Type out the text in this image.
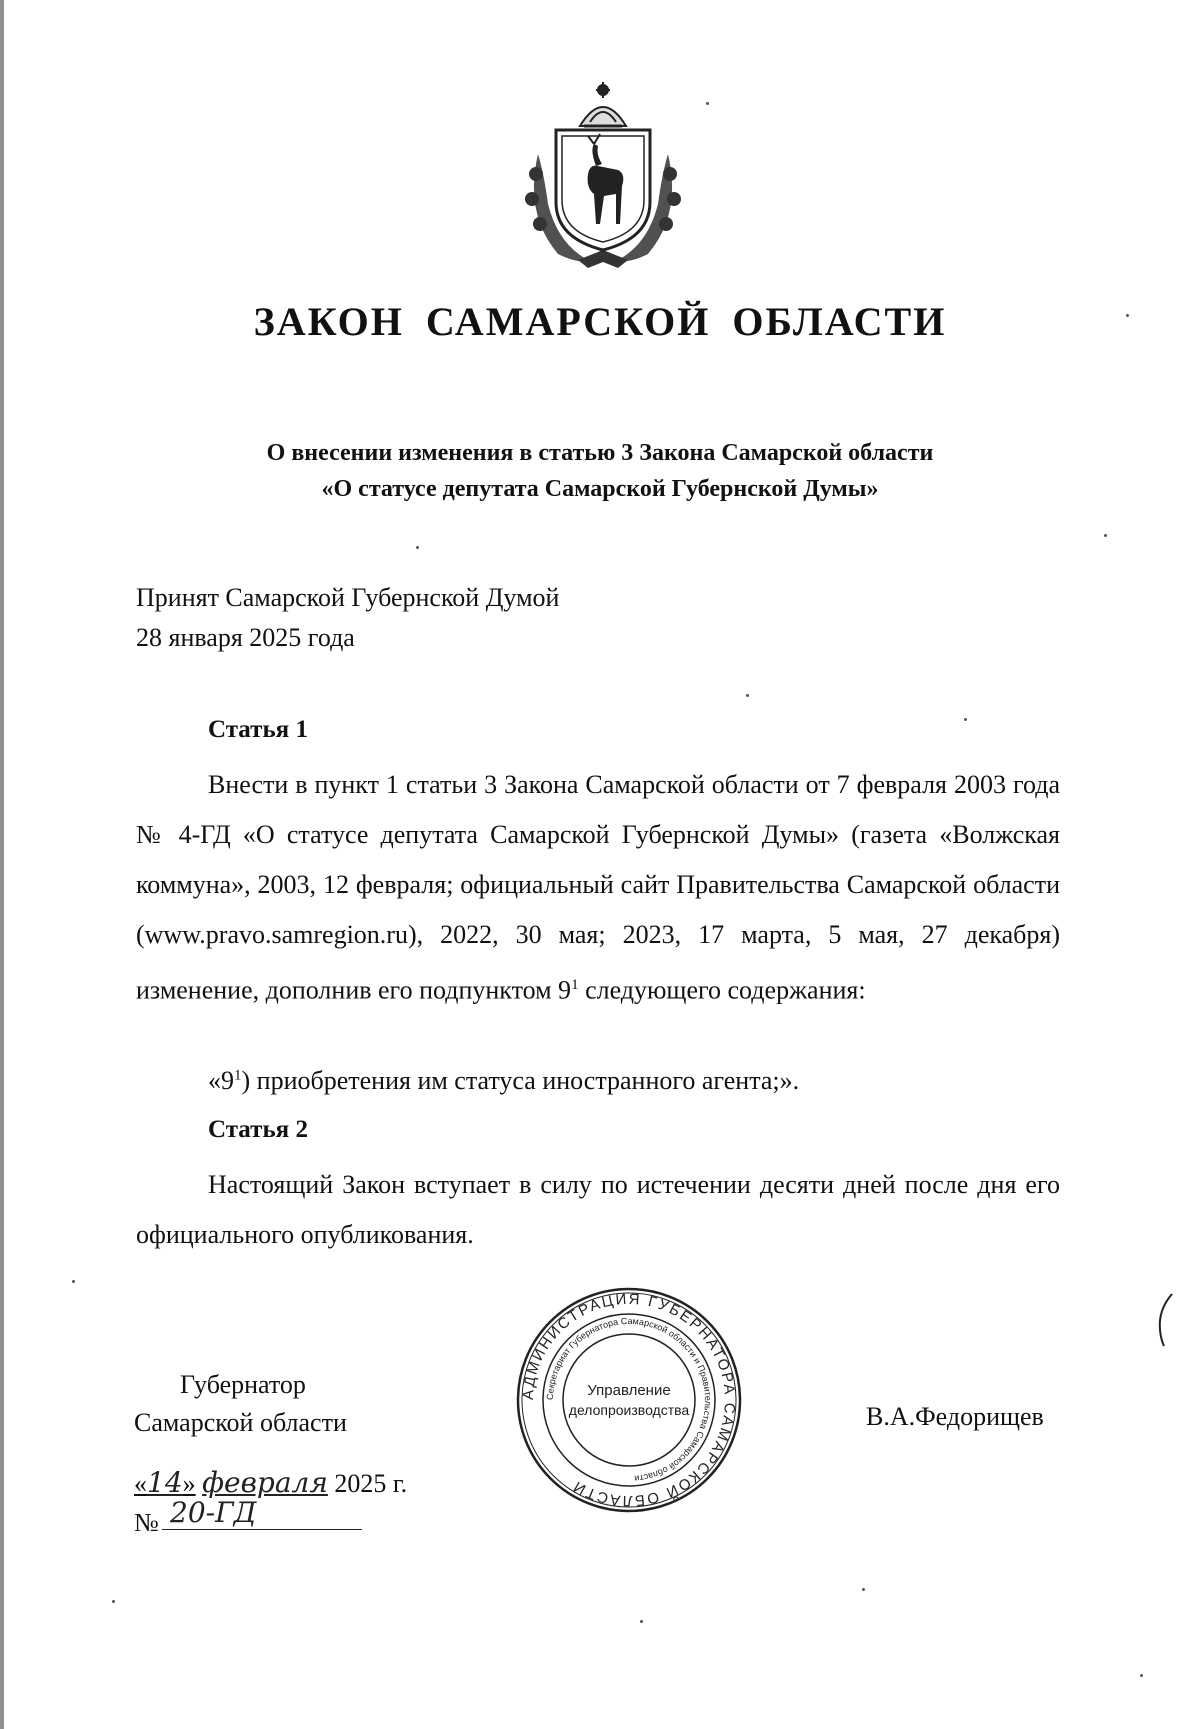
ЗАКОН САМАРСКОЙ ОБЛАСТИ
О внесении изменения в статью 3 Закона Самарской области
«О статусе депутата Самарской Губернской Думы»
Принят Самарской Губернской Думой
28 января 2025 года
Статья 1
Внести в пункт 1 статьи 3 Закона Самарской области от 7 февраля 2003 года № 4-ГД «О статусе депутата Самарской Губернской Думы» (газета «Волжская коммуна», 2003, 12 февраля; официальный сайт Правительства Самарской области (www.pravo.samregion.ru), 2022, 30 мая; 2023, 17 марта, 5 мая, 27 декабря) изменение, дополнив его подпунктом $9^1$ следующего содержания:
«$9^1$) приобретения им статуса иностранного агента;».
Статья 2
Настоящий Закон вступает в силу по истечении десяти дней после дня его официального опубликования.
Губернатор
Самарской области
АДМИНИСТРАЦИЯ ГУБЕРНАТОРА САМАРСКОЙ ОБЛАСТИ
Секретариат Губернатора Самарской области и Правительства Самарской области
Управление
делопроизводства	В.А.Федорищев
«14» февраля 2025 г.
№ 20-ГД
